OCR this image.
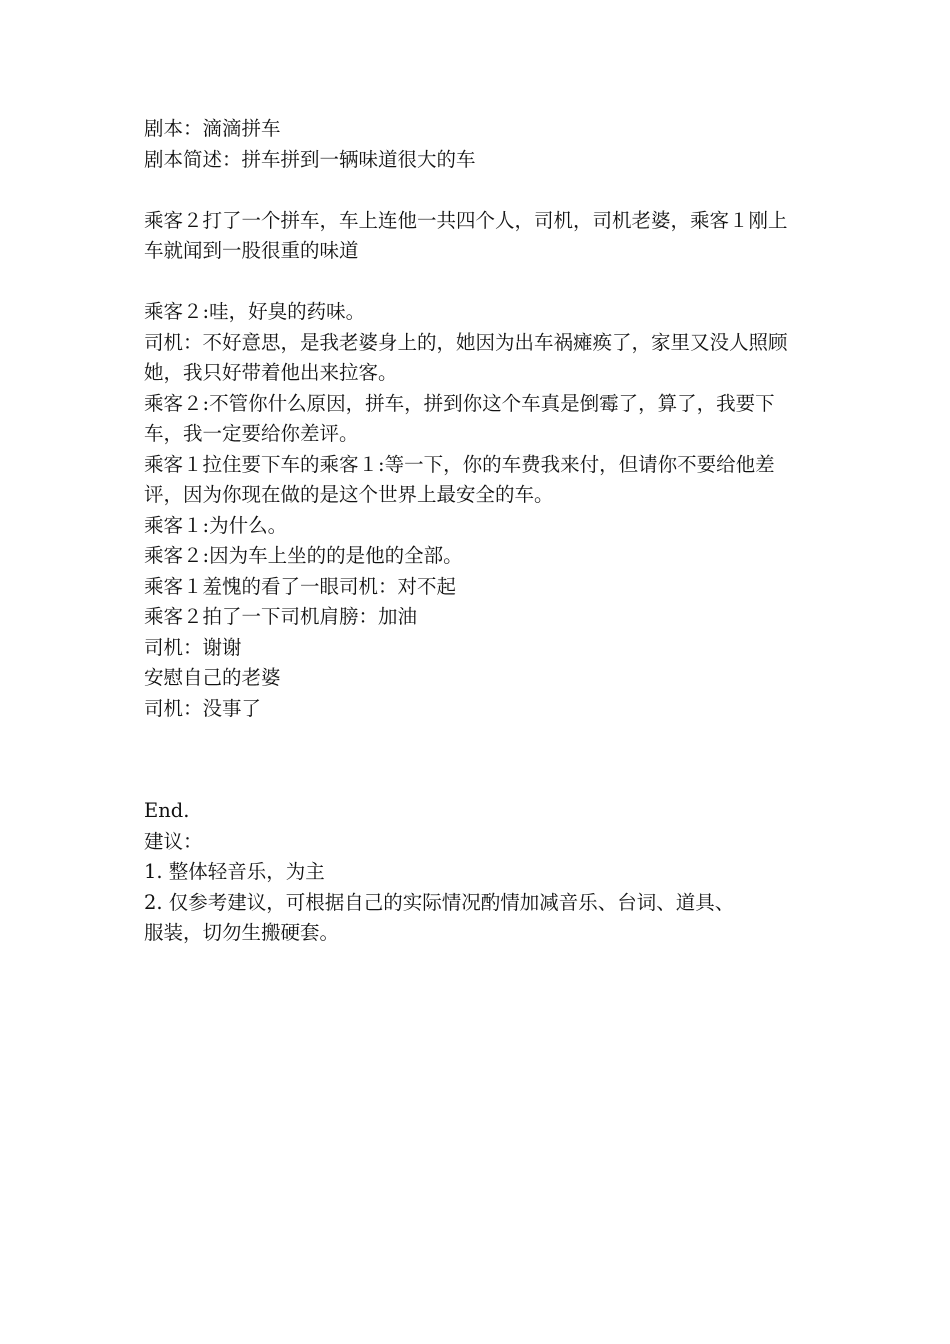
剧本：滴滴拼车

剧本简述：拼车拼到一辆味道很大的车

乘客２打了一个拼车，车上连他一共四个人，司机，司机老婆，乘客１刚上车就闻到一股很重的味道

乘客２:哇，好臭的药味。

司机：不好意思，是我老婆身上的，她因为出车祸瘫痪了，家里又没人照顾她，我只好带着他出来拉客。

乘客２:不管你什么原因，拼车，拼到你这个车真是倒霉了，算了，我要下车，我一定要给你差评。

乘客１拉住要下车的乘客１:等一下，你的车费我来付，但请你不要给他差评，因为你现在做的是这个世界上最安全的车。

乘客１:为什么。

乘客２:因为车上坐的的是他的全部。

乘客１羞愧的看了一眼司机：对不起

乘客２拍了一下司机肩膀：加油

司机：谢谢

安慰自己的老婆

司机：没事了

End.

建议：

1. 整体轻音乐，为主

2. 仅参考建议，可根据自己的实际情况酌情加减音乐、台词、道具、服装，切勿生搬硬套。
